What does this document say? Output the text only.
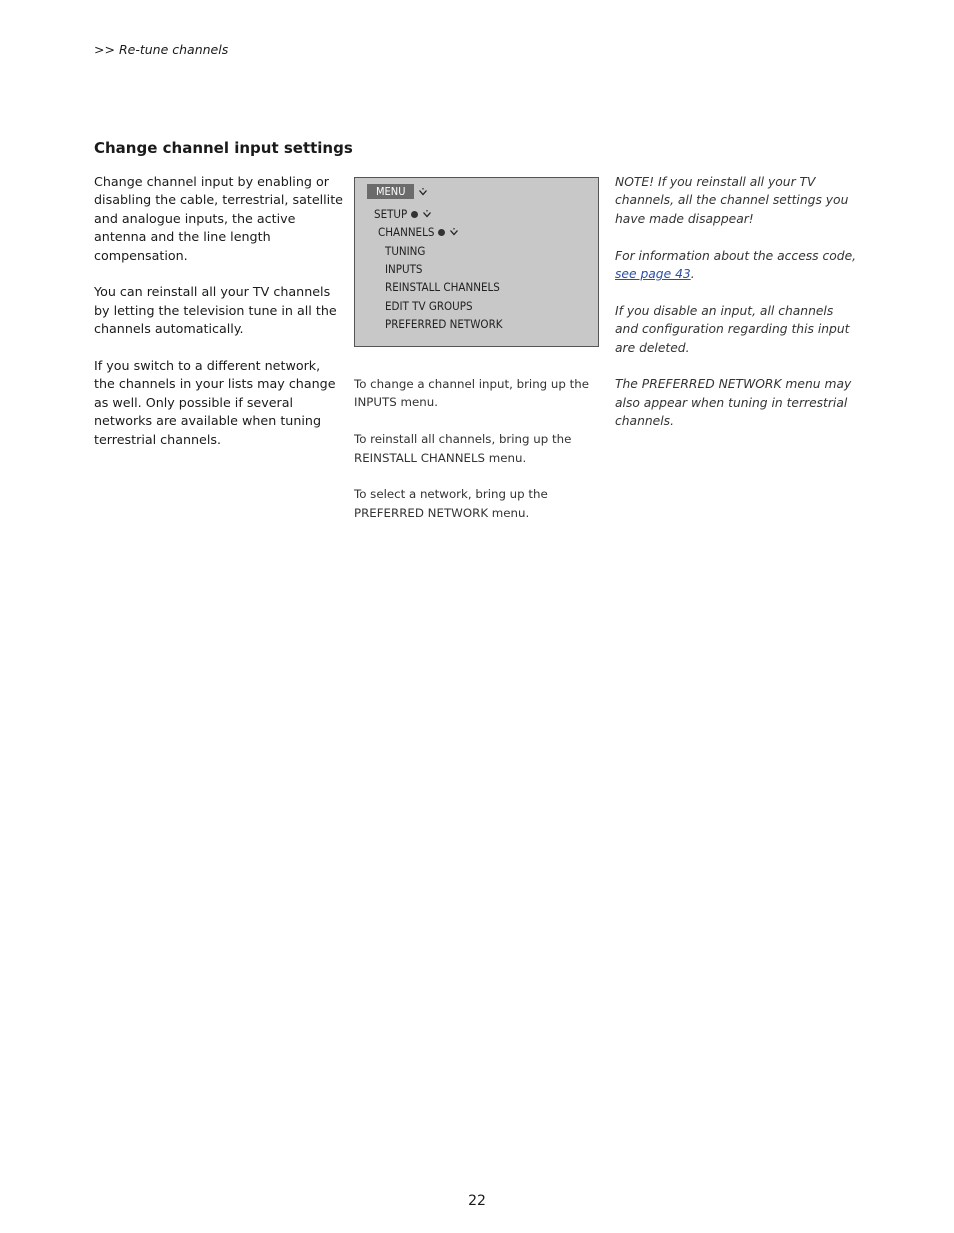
>> Re-tune channels
Change channel input settings

Change channel input by enabling or disabling the cable, terrestrial, satellite and analogue inputs, the active antenna and the line length compensation.

You can reinstall all your TV channels by letting the television tune in all the channels automatically.

If you switch to a different network, the channels in your lists may change as well. Only possible if several networks are available when tuning terrestrial channels.

MENU
SETUP
CHANNELS
TUNING
INPUTS
REINSTALL CHANNELS
EDIT TV GROUPS
PREFERRED NETWORK

To change a channel input, bring up the INPUTS menu.

To reinstall all channels, bring up the REINSTALL CHANNELS menu.

To select a network, bring up the PREFERRED NETWORK menu.

NOTE! If you reinstall all your TV channels, all the channel settings you have made disappear!

For information about the access code, see page 43.

If you disable an input, all channels and configuration regarding this input are deleted.

The PREFERRED NETWORK menu may also appear when tuning in terrestrial channels.

22
